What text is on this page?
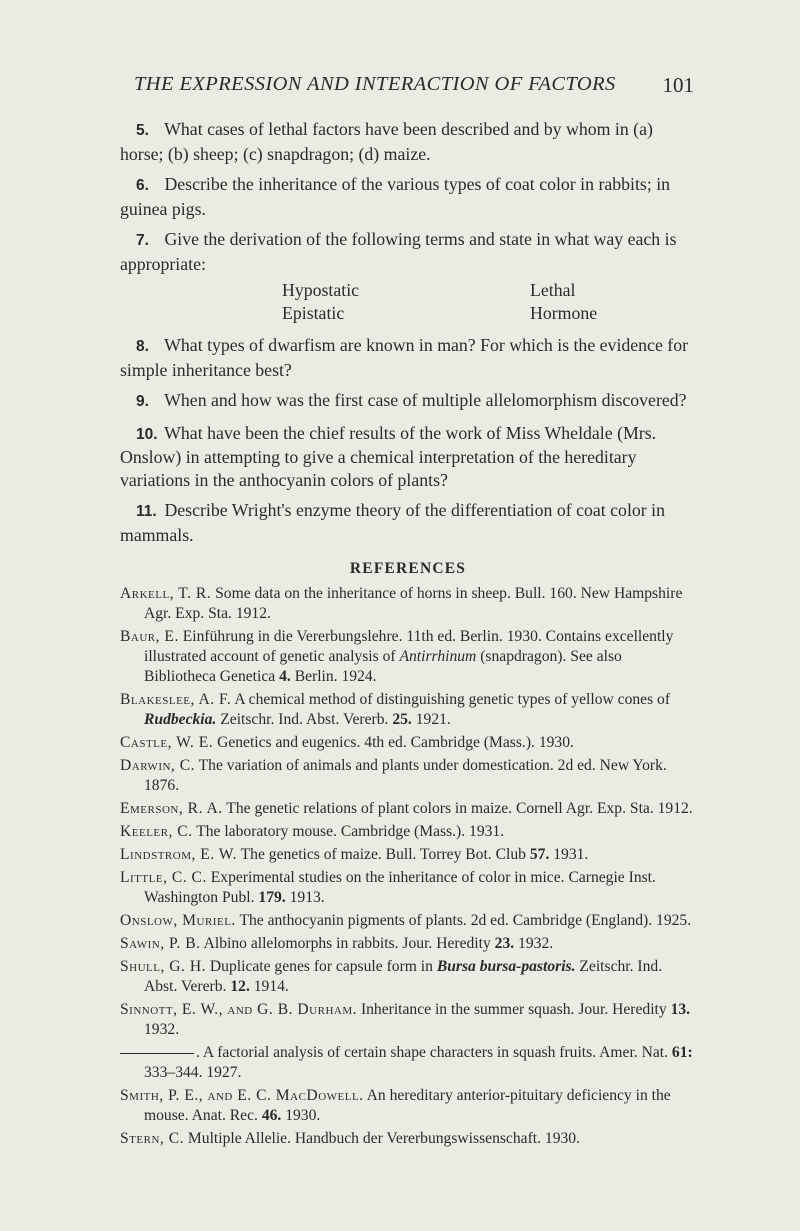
THE EXPRESSION AND INTERACTION OF FACTORS 101

5. What cases of lethal factors have been described and by whom in (a) horse; (b) sheep; (c) snapdragon; (d) maize.

6. Describe the inheritance of the various types of coat color in rabbits; in guinea pigs.

7. Give the derivation of the following terms and state in what way each is appropriate:

Hypostatic	Lethal
Epistatic	Hormone

8. What types of dwarfism are known in man? For which is the evidence for simple inheritance best?

9. When and how was the first case of multiple allelomorphism discovered?

10. What have been the chief results of the work of Miss Wheldale (Mrs. Onslow) in attempting to give a chemical interpretation of the hereditary variations in the anthocyanin colors of plants?

11. Describe Wright's enzyme theory of the differentiation of coat color in mammals.

REFERENCES

Arkell, T. R. Some data on the inheritance of horns in sheep. Bull. 160. New Hampshire Agr. Exp. Sta. 1912.

Baur, E. Einführung in die Vererbungslehre. 11th ed. Berlin. 1930. Contains excellently illustrated account of genetic analysis of Antirrhinum (snapdragon). See also Bibliotheca Genetica 4. Berlin. 1924.

Blakeslee, A. F. A chemical method of distinguishing genetic types of yellow cones of Rudbeckia. Zeitschr. Ind. Abst. Vererb. 25. 1921.

Castle, W. E. Genetics and eugenics. 4th ed. Cambridge (Mass.). 1930.

Darwin, C. The variation of animals and plants under domestication. 2d ed. New York. 1876.

Emerson, R. A. The genetic relations of plant colors in maize. Cornell Agr. Exp. Sta. 1912.

Keeler, C. The laboratory mouse. Cambridge (Mass.). 1931.

Lindstrom, E. W. The genetics of maize. Bull. Torrey Bot. Club 57. 1931.

Little, C. C. Experimental studies on the inheritance of color in mice. Carnegie Inst. Washington Publ. 179. 1913.

Onslow, Muriel. The anthocyanin pigments of plants. 2d ed. Cambridge (England). 1925.

Sawin, P. B. Albino allelomorphs in rabbits. Jour. Heredity 23. 1932.

Shull, G. H. Duplicate genes for capsule form in Bursa bursa-pastoris. Zeitschr. Ind. Abst. Vererb. 12. 1914.

Sinnott, E. W., and G. B. Durham. Inheritance in the summer squash. Jour. Heredity 13. 1932.

. A factorial analysis of certain shape characters in squash fruits. Amer. Nat. 61: 333–344. 1927.

Smith, P. E., and E. C. MacDowell. An hereditary anterior-pituitary deficiency in the mouse. Anat. Rec. 46. 1930.

Stern, C. Multiple Allelie. Handbuch der Vererbungswissenschaft. 1930.
